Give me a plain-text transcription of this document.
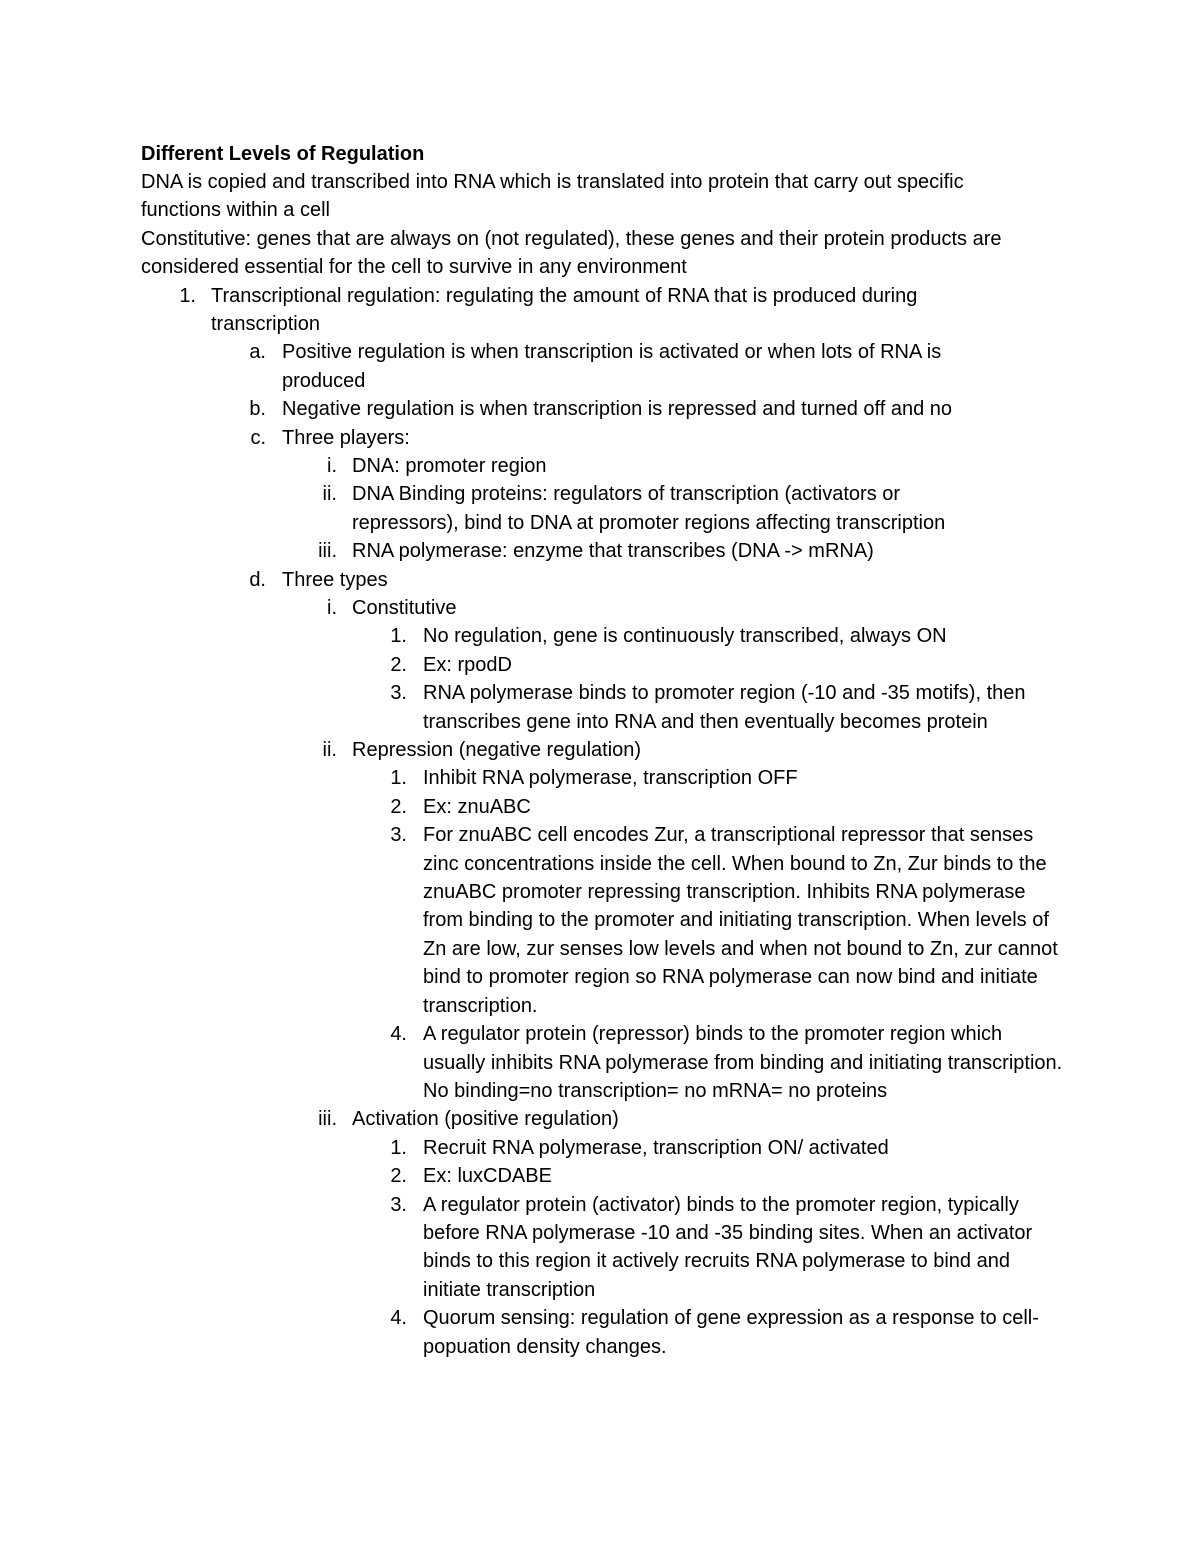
Different Levels of Regulation

DNA is copied and transcribed into RNA which is translated into protein that carry out specific functions within a cell

Constitutive: genes that are always on (not regulated), these genes and their protein products are considered essential for the cell to survive in any environment

1. Transcriptional regulation: regulating the amount of RNA that is produced during transcription
a. Positive regulation is when transcription is activated or when lots of RNA is produced
b. Negative regulation is when transcription is repressed and turned off and no
c. Three players:
i. DNA: promoter region
ii. DNA Binding proteins: regulators of transcription (activators or repressors), bind to DNA at promoter regions affecting transcription
iii. RNA polymerase: enzyme that transcribes (DNA -> mRNA)
d. Three types
i. Constitutive
1. No regulation, gene is continuously transcribed, always ON
2. Ex: rpodD
3. RNA polymerase binds to promoter region (-10 and -35 motifs), then transcribes gene into RNA and then eventually becomes protein
ii. Repression (negative regulation)
1. Inhibit RNA polymerase, transcription OFF
2. Ex: znuABC
3. For znuABC cell encodes Zur, a transcriptional repressor that senses zinc concentrations inside the cell. When bound to Zn, Zur binds to the znuABC promoter repressing transcription. Inhibits RNA polymerase from binding to the promoter and initiating transcription. When levels of Zn are low, zur senses low levels and when not bound to Zn, zur cannot bind to promoter region so RNA polymerase can now bind and initiate transcription.
4. A regulator protein (repressor) binds to the promoter region which usually inhibits RNA polymerase from binding and initiating transcription. No binding=no transcription= no mRNA= no proteins
iii. Activation (positive regulation)
1. Recruit RNA polymerase, transcription ON/ activated
2. Ex: luxCDABE
3. A regulator protein (activator) binds to the promoter region, typically before RNA polymerase -10 and -35 binding sites. When an activator binds to this region it actively recruits RNA polymerase to bind and initiate transcription
4. Quorum sensing: regulation of gene expression as a response to cell-popuation density changes.
